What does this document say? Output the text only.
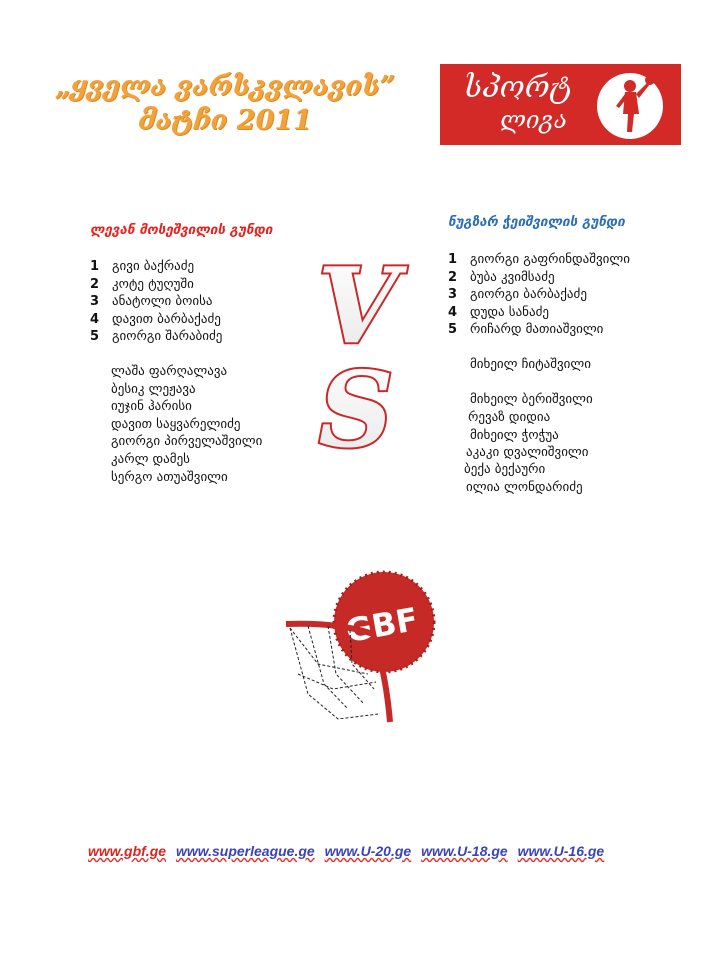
„ყველა ვარსკვლავის”
მატჩი 2011
სპორტ
ლიგა
ლევან მოსეშვილის გუნდი
1 გივი ბაქრაძე
2 კოტე ტუღუში
3 ანატოლი ბოისა
4 დავით ბარბაქაძე
5 გიორგი შარაბიძე
ლაშა ფარღალავა
ბესიკ ლეჟავა
იუჯინ ჰარისი
დავით საყვარელიძე
გიორგი პირველაშვილი
კარლ დამეს
სერგო ათუაშვილი
ნუგზარ ჭეიშვილის გუნდი
1 გიორგი გაფრინდაშვილი
2 ბუბა კვიმსაძე
3 გიორგი ბარბაქაძე
4 დუდა სანაძე
5 რიჩარდ მათიაშვილი
მიხეილ ჩიტაშვილი
მიხეილ ბერიშვილი
რევაზ დიდია
მიხეილ ჭოჭუა
აკაკი დვალიშვილი
ბექა ბექაური
ილია ლონდარიძე
V
S
GBF
www.gbf.ge www.superleague.ge www.U-20.ge www.U-18.ge www.U-16.ge
